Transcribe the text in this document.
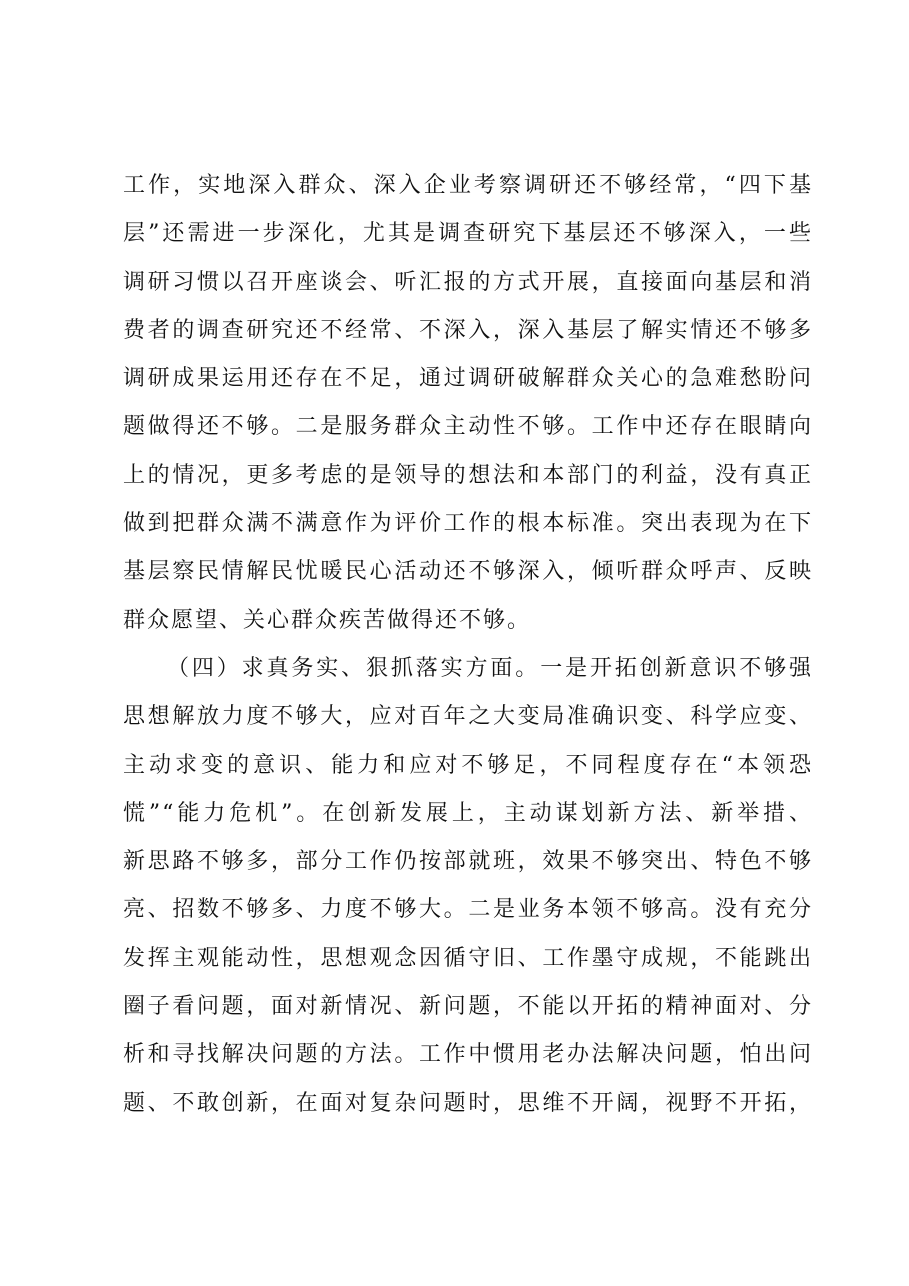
工作，实地深入群众、深入企业考察调研还不够经常，“四下基
层”还需进一步深化，尤其是调查研究下基层还不够深入，一些
调研习惯以召开座谈会、听汇报的方式开展，直接面向基层和消
费者的调查研究还不经常、不深入，深入基层了解实情还不够多
调研成果运用还存在不足，通过调研破解群众关心的急难愁盼问
题做得还不够。二是服务群众主动性不够。工作中还存在眼睛向
上的情况，更多考虑的是领导的想法和本部门的利益，没有真正
做到把群众满不满意作为评价工作的根本标准。突出表现为在下
基层察民情解民忧暖民心活动还不够深入，倾听群众呼声、反映
群众愿望、关心群众疾苦做得还不够。
（四）求真务实、狠抓落实方面。一是开拓创新意识不够强
思想解放力度不够大，应对百年之大变局准确识变、科学应变、
主动求变的意识、能力和应对不够足，不同程度存在“本领恐
慌”“能力危机”。在创新发展上，主动谋划新方法、新举措、
新思路不够多，部分工作仍按部就班，效果不够突出、特色不够
亮、招数不够多、力度不够大。二是业务本领不够高。没有充分
发挥主观能动性，思想观念因循守旧、工作墨守成规，不能跳出
圈子看问题，面对新情况、新问题，不能以开拓的精神面对、分
析和寻找解决问题的方法。工作中惯用老办法解决问题，怕出问
题、不敢创新，在面对复杂问题时，思维不开阔，视野不开拓，
